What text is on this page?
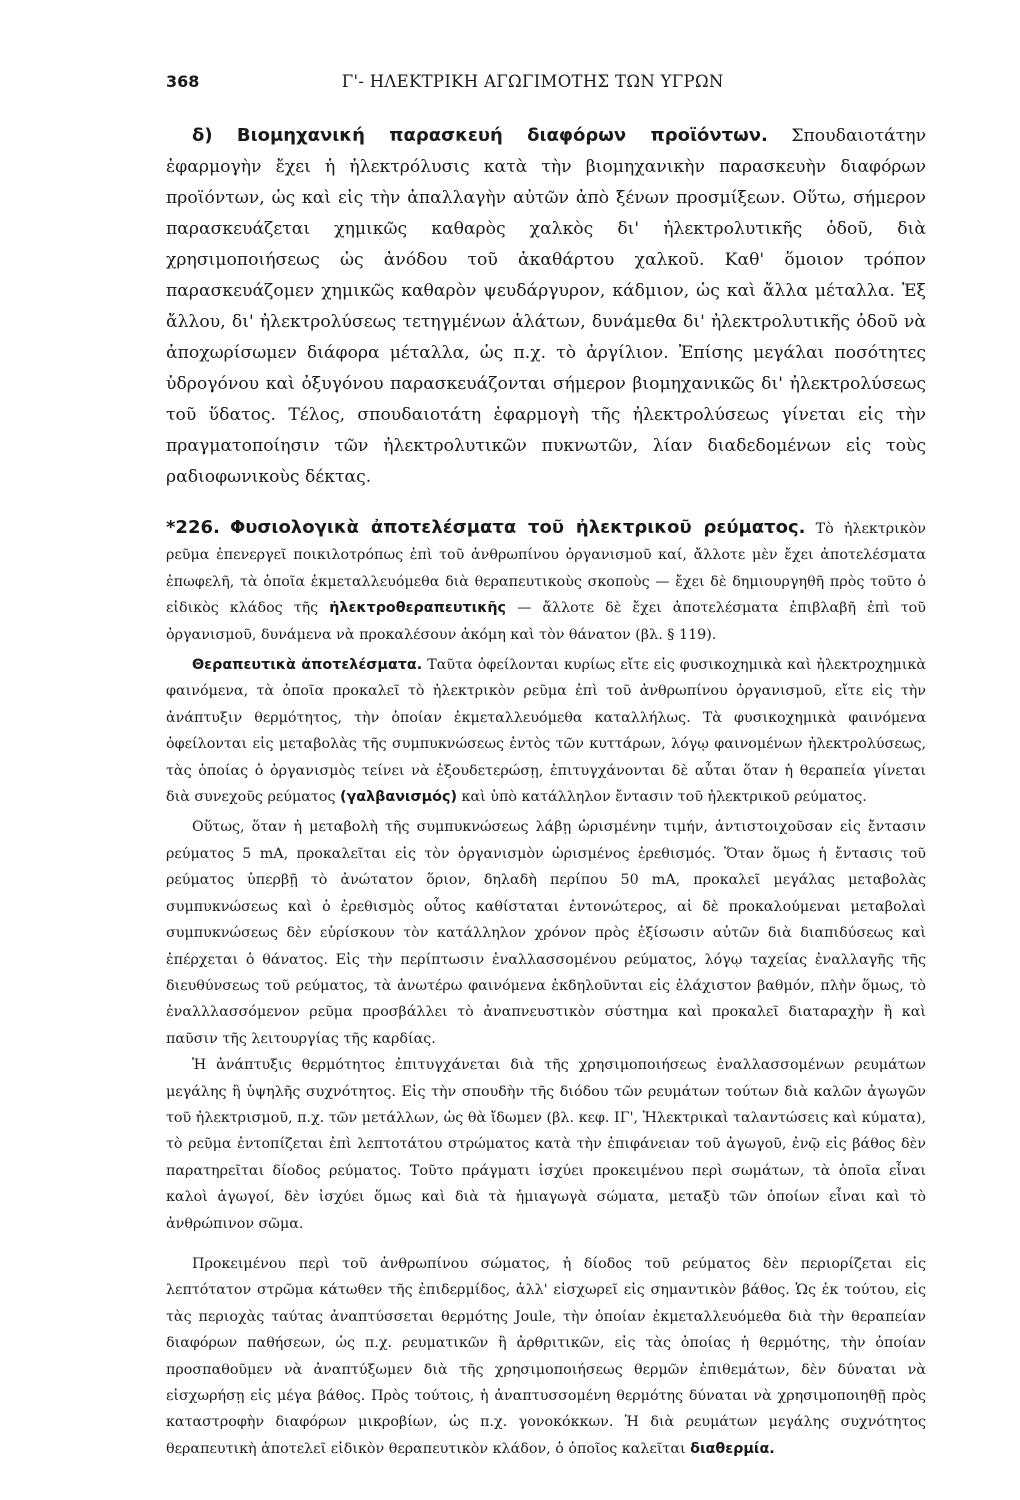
368	Γ'- ΗΛΕΚΤΡΙΚΗ ΑΓΩΓΙΜΟΤΗΣ ΤΩΝ ΥΓΡΩΝ

δ) Βιομηχανική παρασκευή διαφόρων προϊόντων. Σπουδαιοτάτην ἐφαρμογὴν ἔχει ἡ ἠλεκτρόλυσις κατὰ τὴν βιομηχανικὴν παρασκευὴν διαφόρων προϊόντων, ὡς καὶ εἰς τὴν ἀπαλλαγὴν αὐτῶν ἀπὸ ξένων προσμίξεων. Οὕτω, σήμερον παρασκευάζεται χημικῶς καθαρὸς χαλκὸς δι' ἠλεκτρολυτικῆς ὁδοῦ, διὰ χρησιμοποιήσεως ὡς ἀνόδου τοῦ ἀκαθάρτου χαλκοῦ. Καθ' ὅμοιον τρόπον παρασκευάζομεν χημικῶς καθαρὸν ψευδάργυρον, κάδμιον, ὡς καὶ ἄλλα μέταλλα. Ἐξ ἄλλου, δι' ἠλεκτρολύσεως τετηγμένων ἁλάτων, δυνάμεθα δι' ἠλεκτρολυτικῆς ὁδοῦ νὰ ἀποχωρίσωμεν διάφορα μέταλλα, ὡς π.χ. τὸ ἀργίλιον. Ἐπίσης μεγάλαι ποσότητες ὑδρογόνου καὶ ὀξυγόνου παρασκευάζονται σήμερον βιομηχανικῶς δι' ἠλεκτρολύσεως τοῦ ὕδατος. Τέλος, σπουδαιοτάτη ἐφαρμογὴ τῆς ἠλεκτρολύσεως γίνεται εἰς τὴν πραγματοποίησιν τῶν ἠλεκτρολυτικῶν πυκνωτῶν, λίαν διαδεδομένων εἰς τοὺς ραδιοφωνικοὺς δέκτας.

*226. Φυσιολογικὰ ἀποτελέσματα τοῦ ἠλεκτρικοῦ ρεύματος. Τὸ ἠλεκτρικὸν ρεῦμα ἐπενεργεῖ ποικιλοτρόπως ἐπὶ τοῦ ἀνθρωπίνου ὀργανισμοῦ καί, ἄλλοτε μὲν ἔχει ἀποτελέσματα ἐπωφελῆ, τὰ ὁποῖα ἐκμεταλλευόμεθα διὰ θεραπευτικοὺς σκοποὺς — ἔχει δὲ δημιουργηθῆ πρὸς τοῦτο ὁ εἰδικὸς κλάδος τῆς ἠλεκτροθεραπευτικῆς — ἄλλοτε δὲ ἔχει ἀποτελέσματα ἐπιβλαβῆ ἐπὶ τοῦ ὀργανισμοῦ, δυνάμενα νὰ προκαλέσουν ἀκόμη καὶ τὸν θάνατον (βλ. § 119).

Θεραπευτικὰ ἀποτελέσματα. Ταῦτα ὀφείλονται κυρίως εἴτε εἰς φυσικοχημικὰ καὶ ἠλεκτροχημικὰ φαινόμενα, τὰ ὁποῖα προκαλεῖ τὸ ἠλεκτρικὸν ρεῦμα ἐπὶ τοῦ ἀνθρωπίνου ὀργανισμοῦ, εἴτε εἰς τὴν ἀνάπτυξιν θερμότητος, τὴν ὁποίαν ἐκμεταλλευόμεθα καταλλήλως. Τὰ φυσικοχημικὰ φαινόμενα ὀφείλονται εἰς μεταβολὰς τῆς συμπυκνώσεως ἐντὸς τῶν κυττάρων, λόγῳ φαινομένων ἠλεκτρολύσεως, τὰς ὁποίας ὁ ὀργανισμὸς τείνει νὰ ἐξουδετερώσῃ, ἐπιτυγχάνονται δὲ αὗται ὅταν ἡ θεραπεία γίνεται διὰ συνεχοῦς ρεύματος (γαλβανισμός) καὶ ὑπὸ κατάλληλον ἔντασιν τοῦ ἠλεκτρικοῦ ρεύματος.

Οὕτως, ὅταν ἡ μεταβολὴ τῆς συμπυκνώσεως λάβῃ ὡρισμένην τιμήν, ἀντιστοιχοῦσαν εἰς ἔντασιν ρεύματος 5 mA, προκαλεῖται εἰς τὸν ὀργανισμὸν ὡρισμένος ἐρεθισμός. Ὅταν ὅμως ἡ ἔντασις τοῦ ρεύματος ὑπερβῇ τὸ ἀνώτατον ὅριον, δηλαδὴ περίπου 50 mA, προκαλεῖ μεγάλας μεταβολὰς συμπυκνώσεως καὶ ὁ ἐρεθισμὸς οὗτος καθίσταται ἐντονώτερος, αἱ δὲ προκαλούμεναι μεταβολαὶ συμπυκνώσεως δὲν εὑρίσκουν τὸν κατάλληλον χρόνον πρὸς ἐξίσωσιν αὐτῶν διὰ διαπιδύσεως καὶ ἐπέρχεται ὁ θάνατος. Εἰς τὴν περίπτωσιν ἐναλλασσομένου ρεύματος, λόγῳ ταχείας ἐναλλαγῆς τῆς διευθύνσεως τοῦ ρεύματος, τὰ ἀνωτέρω φαινόμενα ἐκδηλοῦνται εἰς ἐλάχιστον βαθμόν, πλὴν ὅμως, τὸ ἐναλλλασσόμενον ρεῦμα προσβάλλει τὸ ἀναπνευστικὸν σύστημα καὶ προκαλεῖ διαταραχὴν ἢ καὶ παῦσιν τῆς λειτουργίας τῆς καρδίας.

Ἡ ἀνάπτυξις θερμότητος ἐπιτυγχάνεται διὰ τῆς χρησιμοποιήσεως ἐναλλασσομένων ρευμάτων μεγάλης ἢ ὑψηλῆς συχνότητος. Εἰς τὴν σπουδὴν τῆς διόδου τῶν ρευμάτων τούτων διὰ καλῶν ἀγωγῶν τοῦ ἠλεκτρισμοῦ, π.χ. τῶν μετάλλων, ὡς θὰ ἴδωμεν (βλ. κεφ. ΙΓ', Ἠλεκτρικαὶ ταλαντώσεις καὶ κύματα), τὸ ρεῦμα ἐντοπίζεται ἐπὶ λεπτοτάτου στρώματος κατὰ τὴν ἐπιφάνειαν τοῦ ἀγωγοῦ, ἐνῷ εἰς βάθος δὲν παρατηρεῖται δίοδος ρεύματος. Τοῦτο πράγματι ἰσχύει προκειμένου περὶ σωμάτων, τὰ ὁποῖα εἶναι καλοὶ ἀγωγοί, δὲν ἰσχύει ὅμως καὶ διὰ τὰ ἡμιαγωγὰ σώματα, μεταξὺ τῶν ὁποίων εἶναι καὶ τὸ ἀνθρώπινον σῶμα.

Προκειμένου περὶ τοῦ ἀνθρωπίνου σώματος, ἡ δίοδος τοῦ ρεύματος δὲν περιορίζεται εἰς λεπτότατον στρῶμα κάτωθεν τῆς ἐπιδερμίδος, ἀλλ' εἰσχωρεῖ εἰς σημαντικὸν βάθος. Ὡς ἐκ τούτου, εἰς τὰς περιοχὰς ταύτας ἀναπτύσσεται θερμότης Joule, τὴν ὁποίαν ἐκμεταλλευόμεθα διὰ τὴν θεραπείαν διαφόρων παθήσεων, ὡς π.χ. ρευματικῶν ἢ ἀρθριτικῶν, εἰς τὰς ὁποίας ἡ θερμότης, τὴν ὁποίαν προσπαθοῦμεν νὰ ἀναπτύξωμεν διὰ τῆς χρησιμοποιήσεως θερμῶν ἐπιθεμάτων, δὲν δύναται νὰ εἰσχωρήσῃ εἰς μέγα βάθος. Πρὸς τούτοις, ἡ ἀναπτυσσομένη θερμότης δύναται νὰ χρησιμοποιηθῇ πρὸς καταστροφὴν διαφόρων μικροβίων, ὡς π.χ. γονοκόκκων. Ἡ διὰ ρευμάτων μεγάλης συχνότητος θεραπευτικὴ ἀποτελεῖ εἰδικὸν θεραπευτικὸν κλάδον, ὁ ὁποῖος καλεῖται διαθερμία.
